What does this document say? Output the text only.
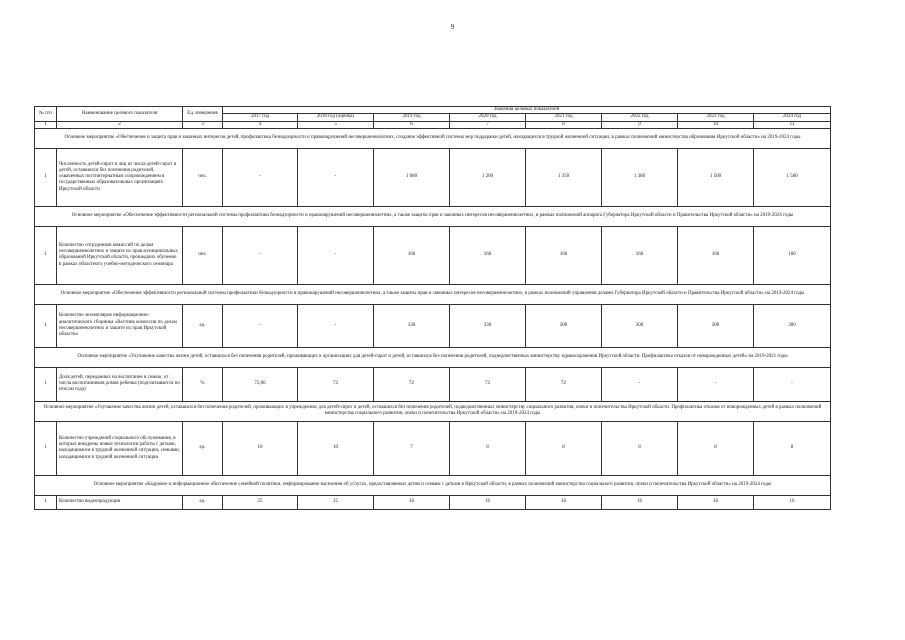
9
№ п/п	Наименование целевого показателя	Ед. измерения	Значения целевых показателей							
			2017 год	2018 год (оценка)	2019 год	2020 год	2021 год	2022 год	2023 год	2024 год
1	2	3	4	5	6	7	8	9	10	11
Основное мероприятие «Обеспечение и защита прав и законных интересов детей, профилактика безнадзорности и правонарушений несовершеннолетних, создание эффективной системы мер поддержки детей, находящихся в трудной жизненной ситуации, в рамках полномочий министерства образования Иркутской области» на 2019-2024 годы										
1	Численность детей-сирот и лиц из числа детей-сирот и детей, оставшихся без попечения родителей, охваченных постинтернатным сопровождением в государственных образовательных организациях Иркутской области	чел.	-	-	1 080	1 200	1 350	1 380	1 500	1 580
Основное мероприятие «Обеспечение эффективности региональной системы профилактики безнадзорности и правонарушений несовершеннолетних, а также защиты прав и законных интересов несовершеннолетних, в рамках полномочий аппарата Губернатора Иркутской области и Правительства Иркутской области» на 2019-2024 годы										
1	Количество сотрудников комиссий по делам несовершеннолетних и защите их прав муниципальных образований Иркутской области, прошедших обучение в рамках областного учебно-методического семинара	чел.	-	-	160	160	160	160	160	160
Основное мероприятие «Обеспечение эффективности региональной системы профилактики безнадзорности и правонарушений несовершеннолетних, а также защиты прав и законных интересов несовершеннолетних, в рамках полномочий управления делами Губернатора Иркутской области и Правительства Иркутской области» на 2019-2024 годы										
1	Количество экземпляров информационно-аналитического сборника «Вестник комиссии по делам несовершеннолетних и защите их прав Иркутской области»	ед.	-	-	330	330	300	300	300	300
Основное мероприятие «Улучшение качества жизни детей, оставшихся без попечения родителей, проживающих в организациях для детей-сирот и детей, оставшихся без попечения родителей, подведомственных министерству здравоохранения Иркутской области. Профилактика отказов от новорожденных детей» на 2019-2021 годы										
1	Доля детей, переданных на воспитание в семью, от числа воспитанников домов ребенка (подсчитывается по итогам года)	%	72,06	72	72	72	72	-	-	-
Основное мероприятие «Улучшение качества жизни детей, оставшихся без попечения родителей, проживающих в учреждениях для детей-сирот и детей, оставшихся без попечения родителей, подведомственных министерству социального развития, опеки и попечительства Иркутской области. Профилактика отказов от новорожденных детей в рамках полномочий министерства социального развития, опеки и попечительства Иркутской области» на 2019-2024 годы										
1	Количество учреждений социального обслуживания, в которых внедрены новые технологии работы с детьми, находящимися в трудной жизненной ситуации, семьями, находящимися в трудной жизненной ситуации	ед.	10	10	7	8	8	8	8	8
Основное мероприятие «Кадровое и информационное обеспечение семейной политики, информирование населения об услугах, предоставляемых детям и семьям с детьми в Иркутской области, в рамках полномочий министерства социального развития, опеки и попечительства Иркутской области» на 2019-2024 годы										
1	Количество видеопродукции	ед.	25	25	16	16	16	16	16	16
